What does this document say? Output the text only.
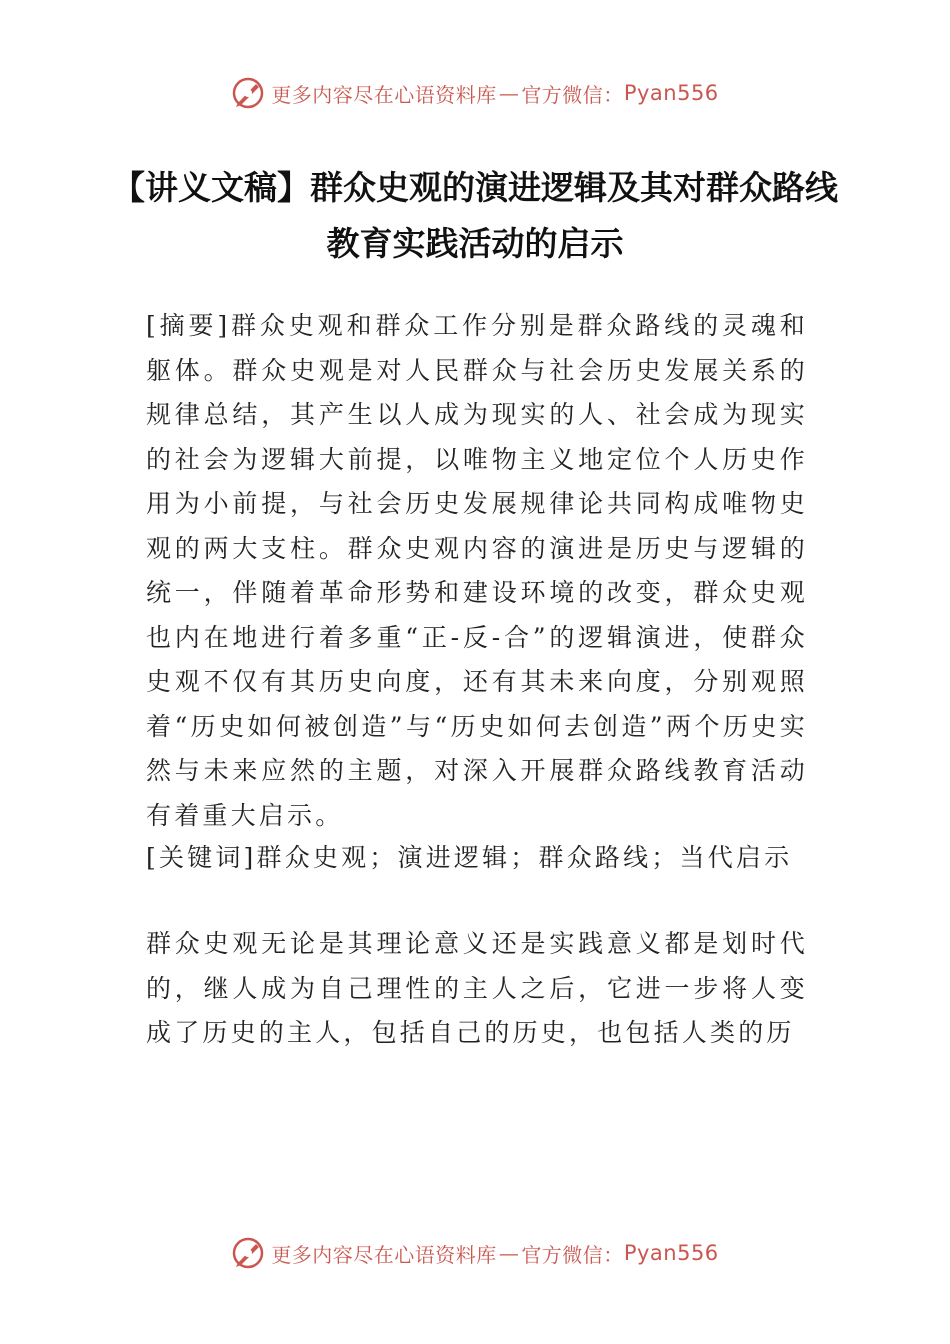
更多内容尽在心语资料库 — 官方微信： Pyan556
【讲义文稿】群众史观的演进逻辑及其对群众路线教育实践活动的启示

[摘要]群众史观和群众工作分别是群众路线的灵魂和躯体。群众史观是对人民群众与社会历史发展关系的规律总结，其产生以人成为现实的人、社会成为现实的社会为逻辑大前提，以唯物主义地定位个人历史作用为小前提，与社会历史发展规律论共同构成唯物史观的两大支柱。群众史观内容的演进是历史与逻辑的统一，伴随着革命形势和建设环境的改变，群众史观也内在地进行着多重“正-反-合”的逻辑演进，使群众史观不仅有其历史向度，还有其未来向度，分别观照着“历史如何被创造”与“历史如何去创造”两个历史实然与未来应然的主题，对深入开展群众路线教育活动有着重大启示。

[关键词]群众史观；演进逻辑；群众路线；当代启示

群众史观无论是其理论意义还是实践意义都是划时代的，继人成为自己理性的主人之后，它进一步将人变成了历史的主人，包括自己的历史，也包括人类的历

更多内容尽在心语资料库 — 官方微信： Pyan556
